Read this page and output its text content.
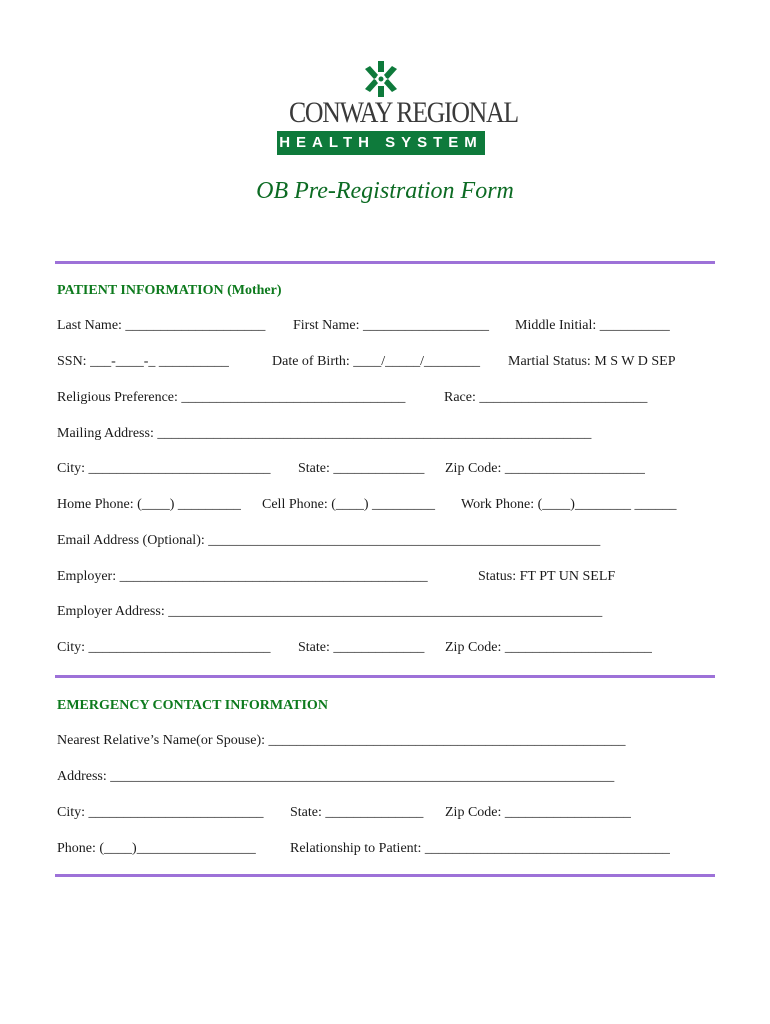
CONWAY REGIONAL
HEALTH SYSTEM
OB Pre-Registration Form
PATIENT INFORMATION (Mother)
Last Name: ____________________ First Name: __________________ Middle Initial: __________
SSN: ___-____-_ __________	Date of Birth: ____/_____/________ Martial Status: M S W D SEP
Religious Preference: ________________________________	Race: ________________________
Mailing Address: ______________________________________________________________
City: __________________________ State: _____________ Zip Code: ____________________
Home Phone: (____) _________ Cell Phone: (____) _________ Work Phone: (____)________ ______
Email Address (Optional): ________________________________________________________
Employer: ____________________________________________	Status: FT PT UN SELF
Employer Address: ______________________________________________________________
City: __________________________ State: _____________ Zip Code: _____________________
EMERGENCY CONTACT INFORMATION
Nearest Relative’s Name(or Spouse): ___________________________________________________
Address: ________________________________________________________________________
City: _________________________ State: ______________ Zip Code: __________________
Phone: (____)_________________ Relationship to Patient: ___________________________________
